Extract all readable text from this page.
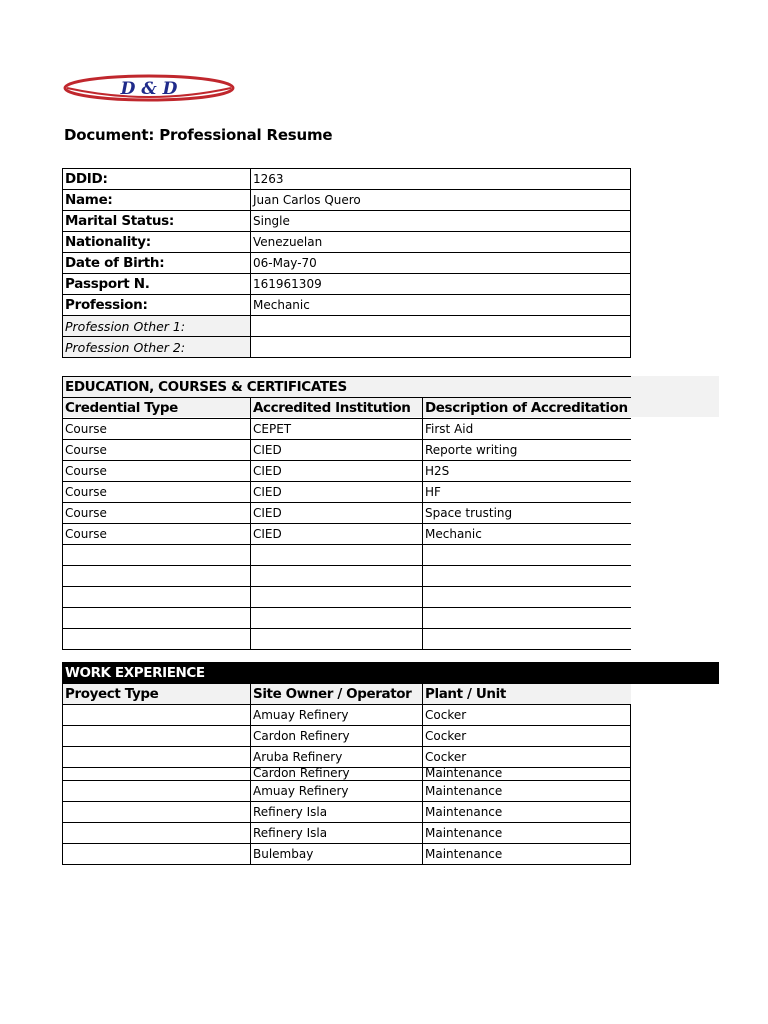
D & D
Document: Professional Resume
DDID:	1263
Name:	Juan Carlos Quero
Marital Status:	Single
Nationality:	Venezuelan
Date of Birth:	06-May-70
Passport N.	161961309
Profession:	Mechanic
Profession Other 1:	
Profession Other 2:	
EDUCATION, COURSES & CERTIFICATES		
Credential Type	Accredited Institution	Description of Accreditation
Course	CEPET	First Aid
Course	CIED	Reporte writing
Course	CIED	H2S
Course	CIED	HF
Course	CIED	Space trusting
Course	CIED	Mechanic

WORK EXPERIENCE
Proyect Type	Site Owner / Operator	Plant / Unit
	Amuay Refinery	Cocker
	Cardon Refinery	Cocker
	Aruba Refinery	Cocker
	Cardon Refinery	Maintenance
	Amuay Refinery	Maintenance
	Refinery Isla	Maintenance
	Refinery Isla	Maintenance
	Bulembay	Maintenance
